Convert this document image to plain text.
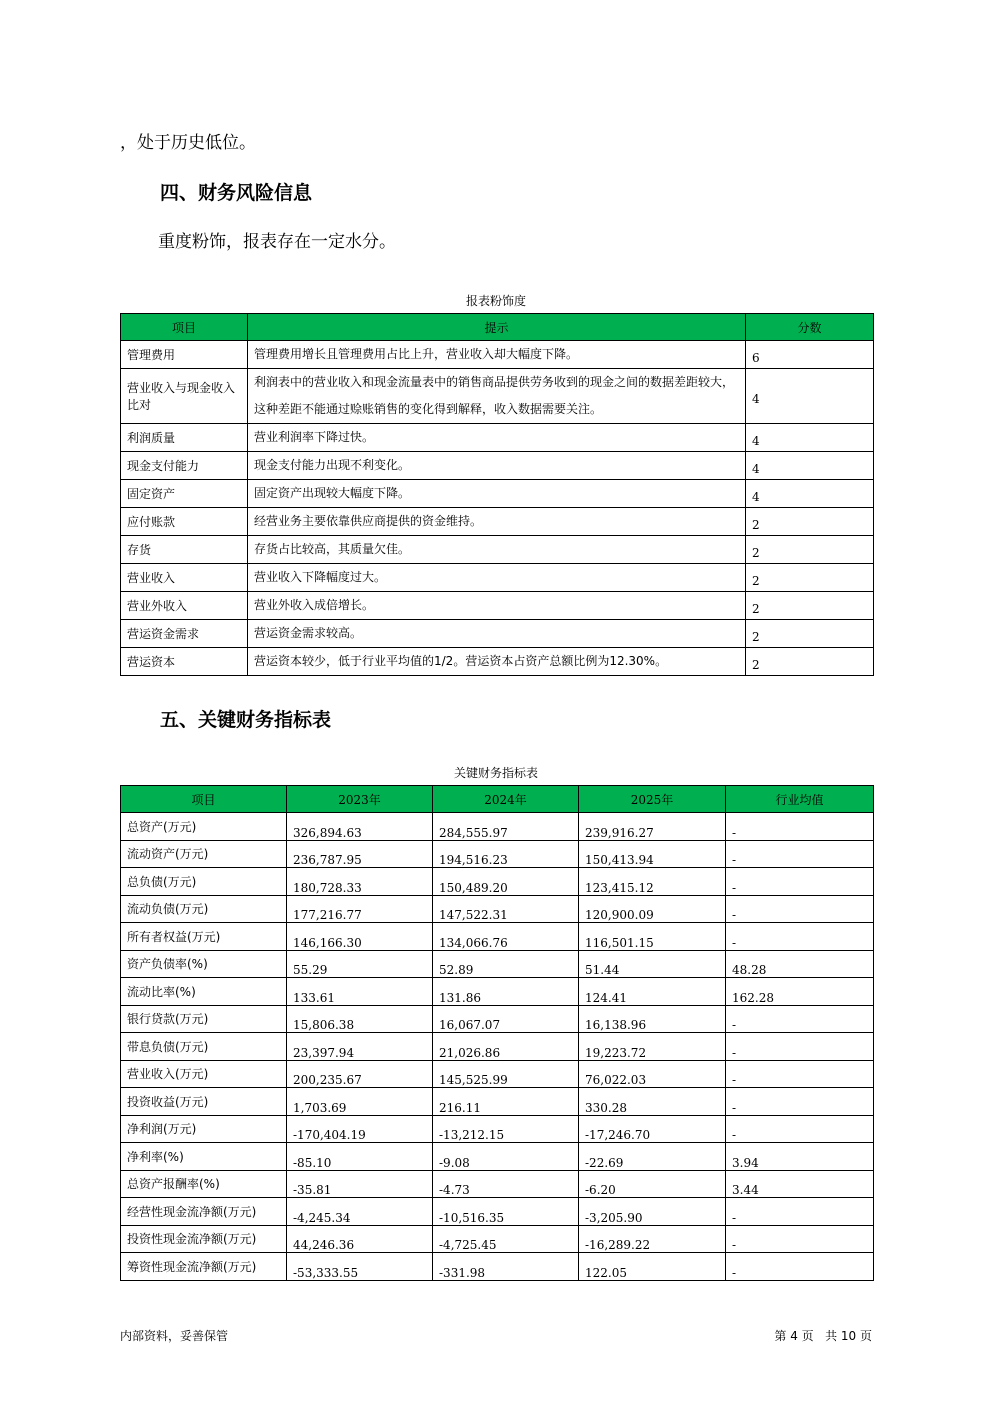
，处于历史低位。
四、财务风险信息
重度粉饰，报表存在一定水分。
报表粉饰度
项目	提示	分数
管理费用	管理费用增长且管理费用占比上升，营业收入却大幅度下降。	6
营业收入与现金收入比对	利润表中的营业收入和现金流量表中的销售商品提供劳务收到的现金之间的数据差距较大，这种差距不能通过赊账销售的变化得到解释，收入数据需要关注。	4
利润质量	营业利润率下降过快。	4
现金支付能力	现金支付能力出现不利变化。	4
固定资产	固定资产出现较大幅度下降。	4
应付账款	经营业务主要依靠供应商提供的资金维持。	2
存货	存货占比较高，其质量欠佳。	2
营业收入	营业收入下降幅度过大。	2
营业外收入	营业外收入成倍增长。	2
营运资金需求	营运资金需求较高。	2
营运资本	营运资本较少，低于行业平均值的1/2。营运资本占资产总额比例为12.30%。	2
五、关键财务指标表
关键财务指标表
项目	2023年	2024年	2025年	行业均值
总资产(万元)	326,894.63	284,555.97	239,916.27	-
流动资产(万元)	236,787.95	194,516.23	150,413.94	-
总负债(万元)	180,728.33	150,489.20	123,415.12	-
流动负债(万元)	177,216.77	147,522.31	120,900.09	-
所有者权益(万元)	146,166.30	134,066.76	116,501.15	-
资产负债率(%)	55.29	52.89	51.44	48.28
流动比率(%)	133.61	131.86	124.41	162.28
银行贷款(万元)	15,806.38	16,067.07	16,138.96	-
带息负债(万元)	23,397.94	21,026.86	19,223.72	-
营业收入(万元)	200,235.67	145,525.99	76,022.03	-
投资收益(万元)	1,703.69	216.11	330.28	-
净利润(万元)	-170,404.19	-13,212.15	-17,246.70	-
净利率(%)	-85.10	-9.08	-22.69	3.94
总资产报酬率(%)	-35.81	-4.73	-6.20	3.44
经营性现金流净额(万元)	-4,245.34	-10,516.35	-3,205.90	-
投资性现金流净额(万元)	44,246.36	-4,725.45	-16,289.22	-
筹资性现金流净额(万元)	-53,333.55	-331.98	122.05	-
内部资料，妥善保管	第 4 页   共 10 页
